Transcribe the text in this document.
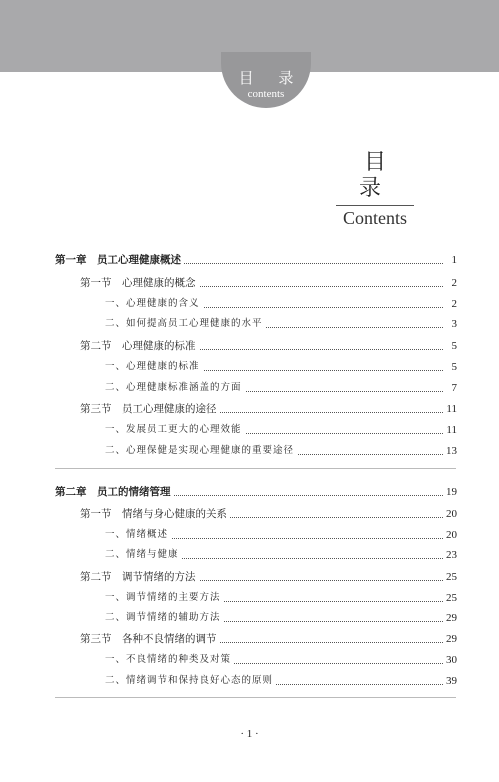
目 录
contents
目 录
Contents
第一章　员工心理健康概述	1
第一节　心理健康的概念	2
一、心理健康的含义	2
二、如何提高员工心理健康的水平	3
第二节　心理健康的标准	5
一、心理健康的标准	5
二、心理健康标准涵盖的方面	7
第三节　员工心理健康的途径	11
一、发展员工更大的心理效能	11
二、心理保健是实现心理健康的重要途径	13
第二章　员工的情绪管理	19
第一节　情绪与身心健康的关系	20
一、情绪概述	20
二、情绪与健康	23
第二节　调节情绪的方法	25
一、调节情绪的主要方法	25
二、调节情绪的辅助方法	29
第三节　各种不良情绪的调节	29
一、不良情绪的种类及对策	30
二、情绪调节和保持良好心态的原则	39
· 1 ·
